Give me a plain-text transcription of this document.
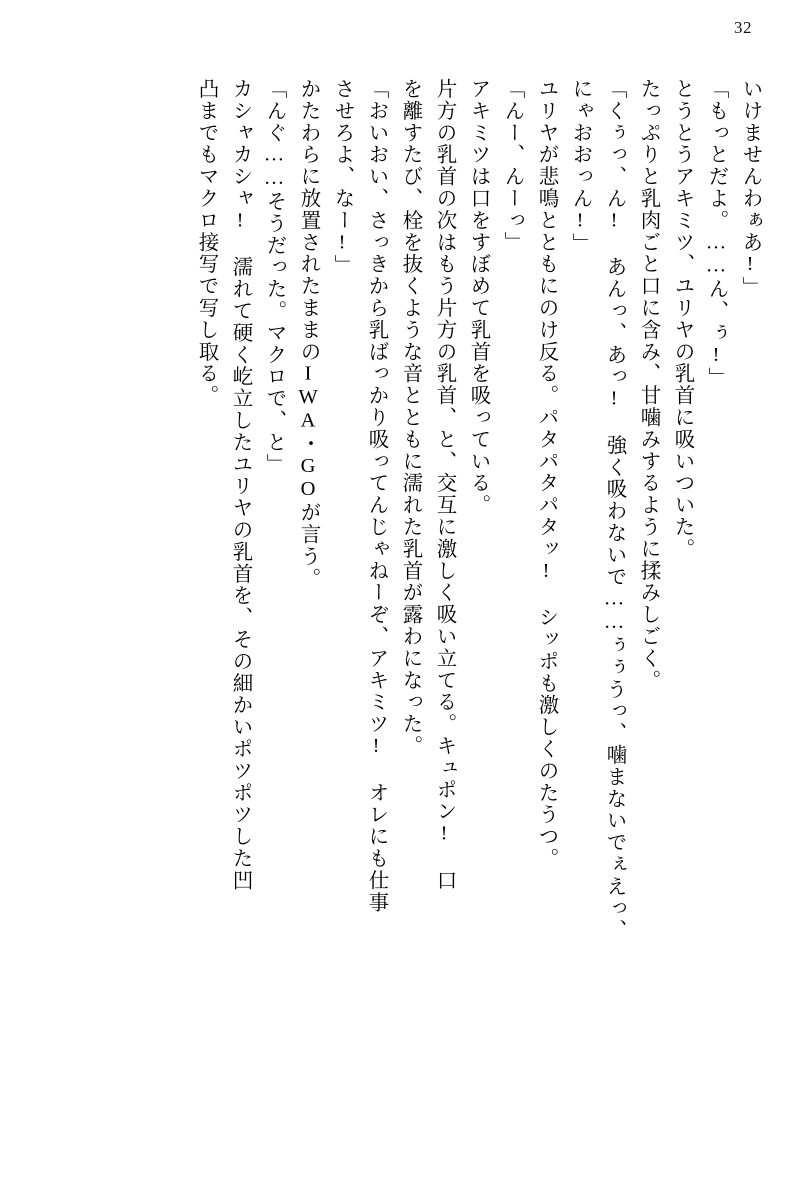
32
いけませんわぁあ!」
「もっとだよ。……ん、ぅ!」
とうとうアキミツ、ユリヤの乳首に吸いついた。
たっぷりと乳肉ごと口に含み、甘噛みするように揉みしごく。
「くぅっ、ん! あんっ、あっ! 強く吸わないで……ぅぅうっ、噛まないでぇえっ、
にゃおおっん!」
ユリヤが悲鳴とともにのけ反る。パタパタパタッ! シッポも激しくのたうつ。
「んー、んーっ」
アキミツは口をすぼめて乳首を吸っている。
片方の乳首の次はもう片方の乳首、と、交互に激しく吸い立てる。キュポン! 口
を離すたび、栓を抜くような音とともに濡れた乳首が露わになった。
「おいおい、さっきから乳ばっかり吸ってんじゃねーぞ、アキミツ! オレにも仕事
させろよ、なー!」
かたわらに放置されたままのIWA・GOが言う。
「んぐ……そうだった。マクロで、と」
カシャカシャ! 濡れて硬く屹立したユリヤの乳首を、その細かいポツポツした凹
凸までもマクロ接写で写し取る。
